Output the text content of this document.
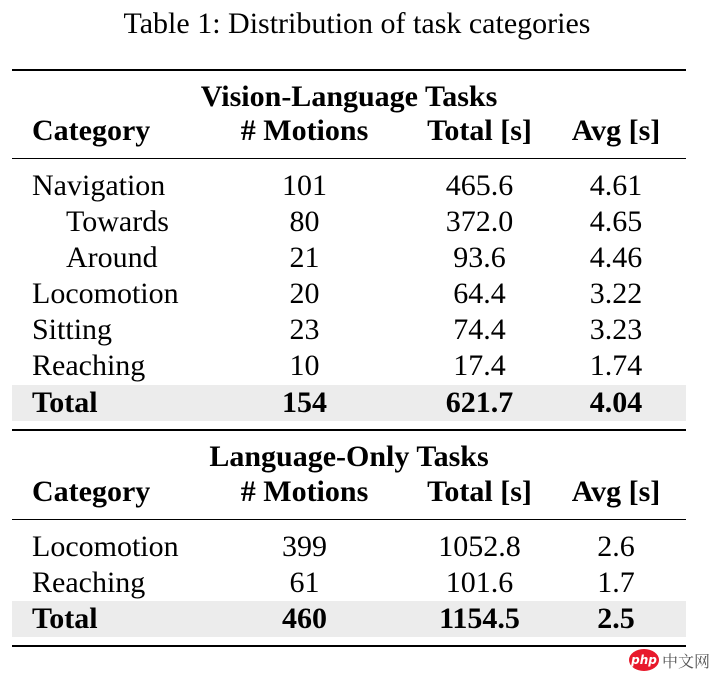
Table 1: Distribution of task categories
Vision-Language Tasks
Category	# Motions	Total [s]	Avg [s]
Navigation	101	465.6	4.61
Towards	80	372.0	4.65
Around	21	93.6	4.46
Locomotion	20	64.4	3.22
Sitting	23	74.4	3.23
Reaching	10	17.4	1.74
Total	154	621.7	4.04
Language-Only Tasks
Category	# Motions	Total [s]	Avg [s]
Locomotion	399	1052.8	2.6
Reaching	61	101.6	1.7
Total	460	1154.5	2.5
php 中文网
